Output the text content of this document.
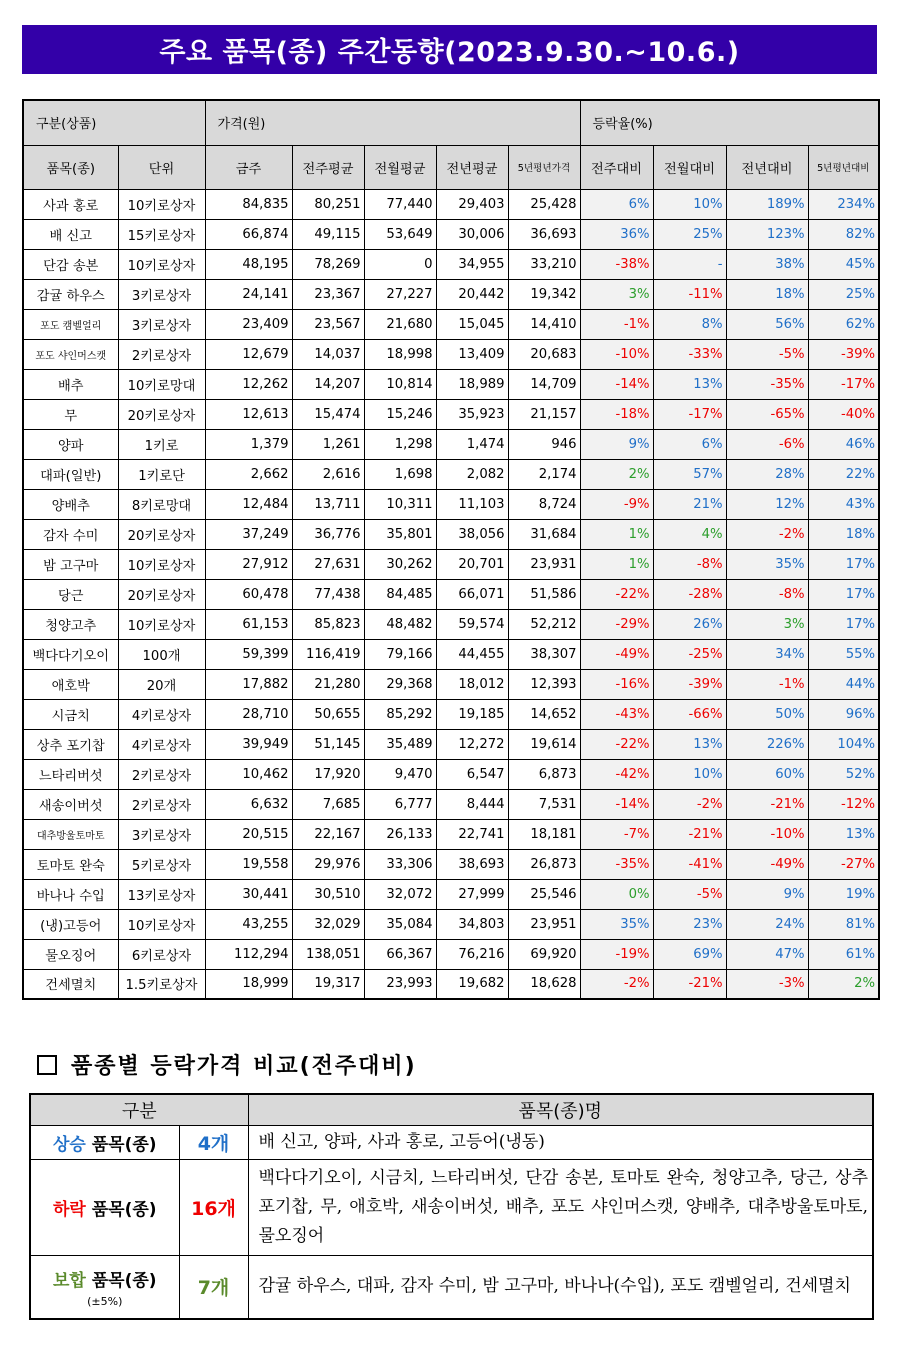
주요 품목(종) 주간동향(2023.9.30.~10.6.)
구분(상품)		가격(원)					등락율(%)			
품목(종)	단위	금주	전주평균	전월평균	전년평균	5년평년가격	전주대비	전월대비	전년대비	5년평년대비
사과 홍로	10키로상자	84,835	80,251	77,440	29,403	25,428	6%	10%	189%	234%
배 신고	15키로상자	66,874	49,115	53,649	30,006	36,693	36%	25%	123%	82%
단감 송본	10키로상자	48,195	78,269	0	34,955	33,210	-38%	-	38%	45%
감귤 하우스	3키로상자	24,141	23,367	27,227	20,442	19,342	3%	-11%	18%	25%
포도 캠벨얼리	3키로상자	23,409	23,567	21,680	15,045	14,410	-1%	8%	56%	62%
포도 샤인머스캣	2키로상자	12,679	14,037	18,998	13,409	20,683	-10%	-33%	-5%	-39%
배추	10키로망대	12,262	14,207	10,814	18,989	14,709	-14%	13%	-35%	-17%
무	20키로상자	12,613	15,474	15,246	35,923	21,157	-18%	-17%	-65%	-40%
양파	1키로	1,379	1,261	1,298	1,474	946	9%	6%	-6%	46%
대파(일반)	1키로단	2,662	2,616	1,698	2,082	2,174	2%	57%	28%	22%
양배추	8키로망대	12,484	13,711	10,311	11,103	8,724	-9%	21%	12%	43%
감자 수미	20키로상자	37,249	36,776	35,801	38,056	31,684	1%	4%	-2%	18%
밤 고구마	10키로상자	27,912	27,631	30,262	20,701	23,931	1%	-8%	35%	17%
당근	20키로상자	60,478	77,438	84,485	66,071	51,586	-22%	-28%	-8%	17%
청양고추	10키로상자	61,153	85,823	48,482	59,574	52,212	-29%	26%	3%	17%
백다다기오이	100개	59,399	116,419	79,166	44,455	38,307	-49%	-25%	34%	55%
애호박	20개	17,882	21,280	29,368	18,012	12,393	-16%	-39%	-1%	44%
시금치	4키로상자	28,710	50,655	85,292	19,185	14,652	-43%	-66%	50%	96%
상추 포기찹	4키로상자	39,949	51,145	35,489	12,272	19,614	-22%	13%	226%	104%
느타리버섯	2키로상자	10,462	17,920	9,470	6,547	6,873	-42%	10%	60%	52%
새송이버섯	2키로상자	6,632	7,685	6,777	8,444	7,531	-14%	-2%	-21%	-12%
대추방울토마토	3키로상자	20,515	22,167	26,133	22,741	18,181	-7%	-21%	-10%	13%
토마토 완숙	5키로상자	19,558	29,976	33,306	38,693	26,873	-35%	-41%	-49%	-27%
바나나 수입	13키로상자	30,441	30,510	32,072	27,999	25,546	0%	-5%	9%	19%
(냉)고등어	10키로상자	43,255	32,029	35,084	34,803	23,951	35%	23%	24%	81%
물오징어	6키로상자	112,294	138,051	66,367	76,216	69,920	-19%	69%	47%	61%
건세멸치	1.5키로상자	18,999	19,317	23,993	19,682	18,628	-2%	-21%	-3%	2%
품종별 등락가격 비교(전주대비)
구분		품목(종)명
상승 품목(종)	4개	배 신고, 양파, 사과 홍로, 고등어(냉동)
하락 품목(종)	16개	백다다기오이, 시금치, 느타리버섯, 단감 송본, 토마토 완숙, 청양고추, 당근, 상추 포기찹, 무, 애호박, 새송이버섯, 배추, 포도 샤인머스캣, 양배추, 대추방울토마토, 물오징어
보합 품목(종)
(±5%)	7개	감귤 하우스, 대파, 감자 수미, 밤 고구마, 바나나(수입), 포도 캠벨얼리, 건세멸치
